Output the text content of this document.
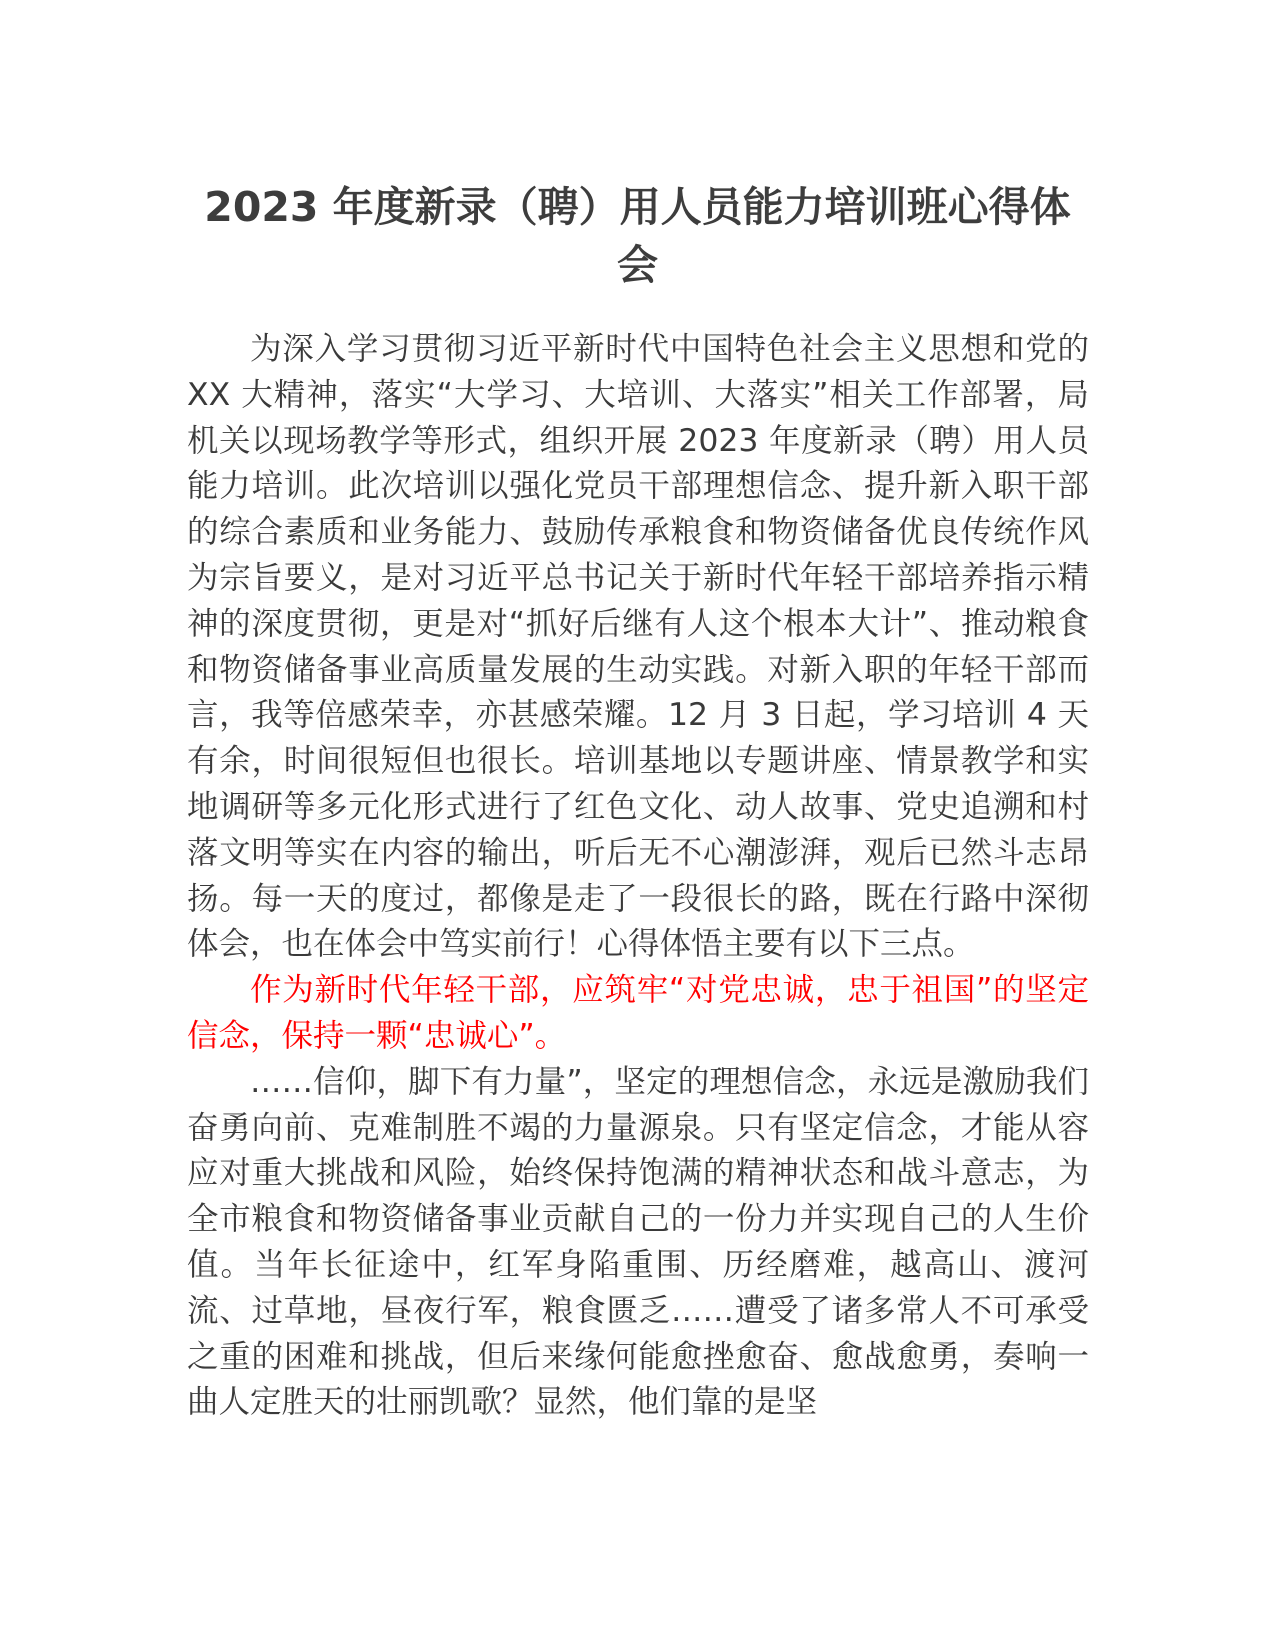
2023 年度新录（聘）用人员能力培训班心得体会

为深入学习贯彻习近平新时代中国特色社会主义思想和党的 XX 大精神，落实“大学习、大培训、大落实”相关工作部署，局机关以现场教学等形式，组织开展 2023 年度新录（聘）用人员能力培训。此次培训以强化党员干部理想信念、提升新入职干部的综合素质和业务能力、鼓励传承粮食和物资储备优良传统作风为宗旨要义，是对习近平总书记关于新时代年轻干部培养指示精神的深度贯彻，更是对“抓好后继有人这个根本大计”、推动粮食和物资储备事业高质量发展的生动实践。对新入职的年轻干部而言，我等倍感荣幸，亦甚感荣耀。12 月 3 日起，学习培训 4 天有余，时间很短但也很长。培训基地以专题讲座、情景教学和实地调研等多元化形式进行了红色文化、动人故事、党史追溯和村落文明等实在内容的输出，听后无不心潮澎湃，观后已然斗志昂扬。每一天的度过，都像是走了一段很长的路，既在行路中深彻体会，也在体会中笃实前行！心得体悟主要有以下三点。

作为新时代年轻干部，应筑牢“对党忠诚，忠于祖国”的坚定信念，保持一颗“忠诚心”。

……信仰，脚下有力量”，坚定的理想信念，永远是激励我们奋勇向前、克难制胜不竭的力量源泉。只有坚定信念，才能从容应对重大挑战和风险，始终保持饱满的精神状态和战斗意志，为全市粮食和物资储备事业贡献自己的一份力并实现自己的人生价值。当年长征途中，红军身陷重围、历经磨难，越高山、渡河流、过草地，昼夜行军，粮食匮乏……遭受了诸多常人不可承受之重的困难和挑战，但后来缘何能愈挫愈奋、愈战愈勇，奏响一曲人定胜天的壮丽凯歌？显然，他们靠的是坚
